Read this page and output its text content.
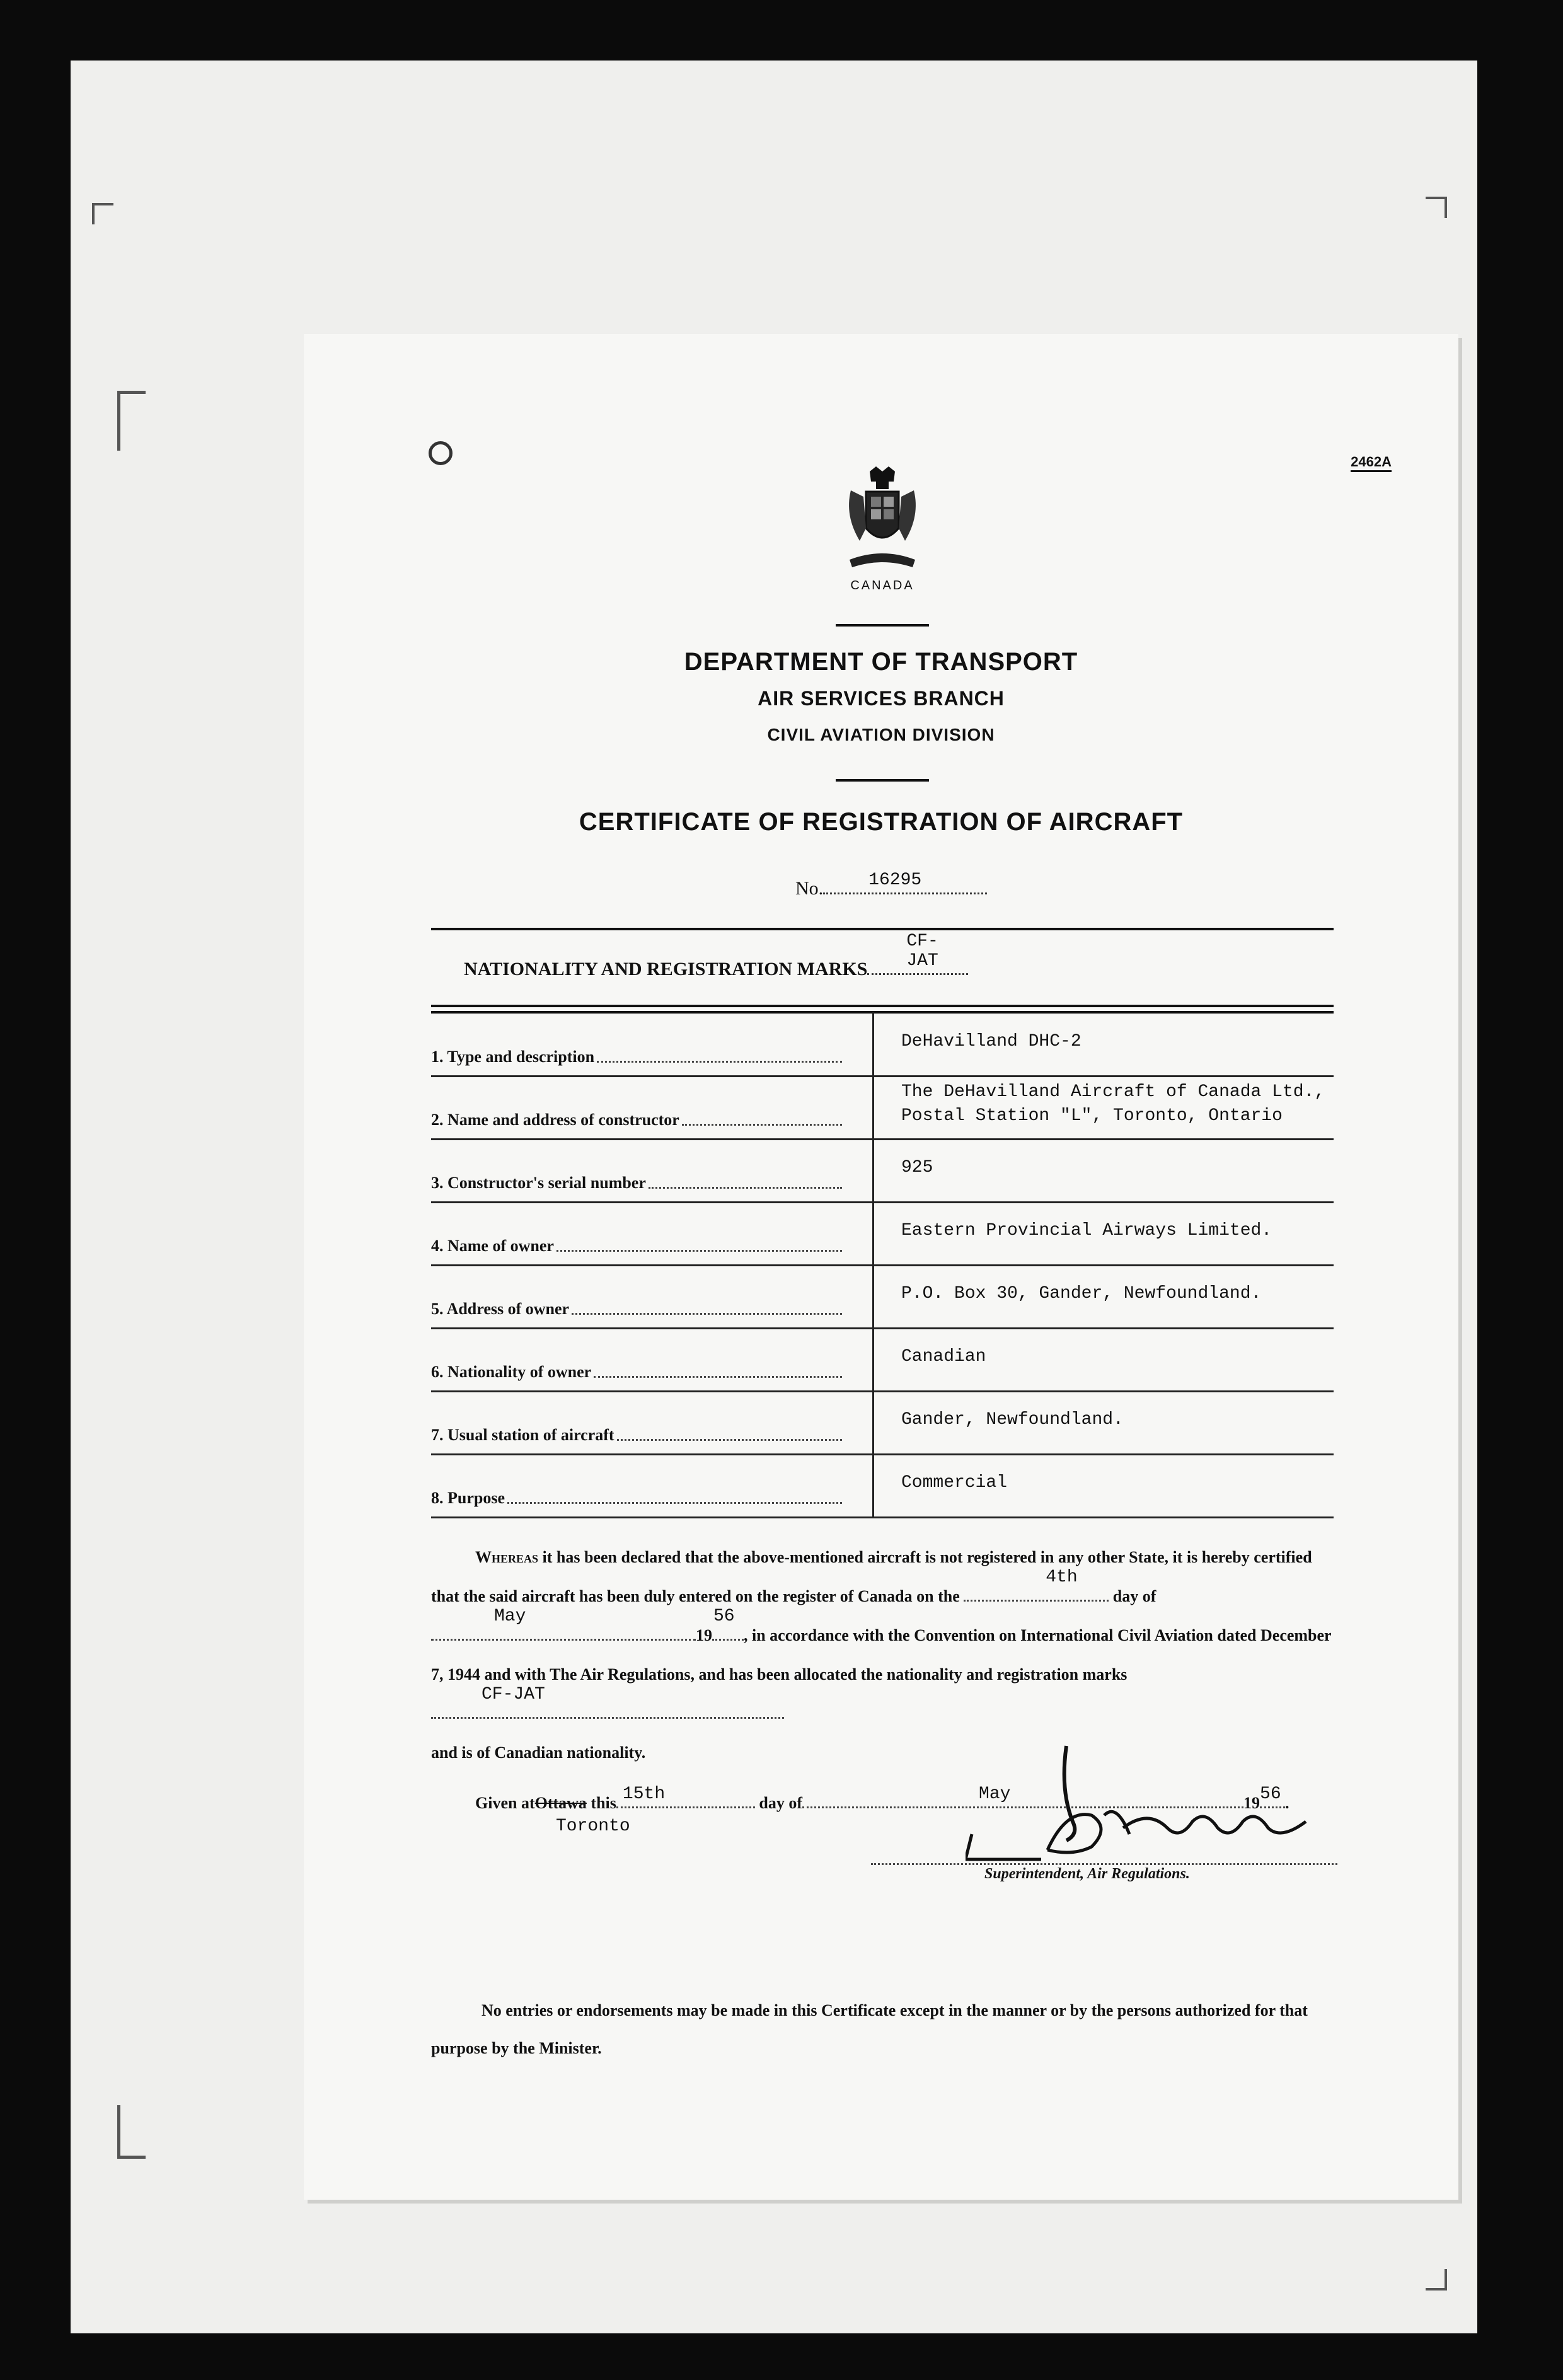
2462A
CANADA
DEPARTMENT OF TRANSPORT
AIR SERVICES BRANCH
CIVIL AVIATION DIVISION
CERTIFICATE OF REGISTRATION OF AIRCRAFT
No.	16295
NATIONALITY AND REGISTRATION MARKS
CF-JAT
1. Type and description
DeHavilland DHC-2
2. Name and address of constructor
The DeHavilland Aircraft of Canada Ltd., Postal Station "L", Toronto, Ontario
3. Constructor's serial number
925
4. Name of owner
Eastern Provincial Airways Limited.
5. Address of owner
P.O. Box 30, Gander, Newfoundland.
6. Nationality of owner
Canadian
7. Usual station of aircraft
Gander, Newfoundland.
8. Purpose
Commercial
Whereas it has been declared that the above-mentioned aircraft is not registered in any other State, it is hereby certified that the said aircraft has been duly entered on the register of Canada on the
4th
day of
May
19
56
, in accordance with the Convention on International Civil Aviation dated December 7, 1944 and with The Air Regulations, and has been allocated the nationality and registration marks
CF-JAT

and is of Canadian nationality.
Given atOttawa this 15th	day of	May	19 56 .
Toronto
Superintendent, Air Regulations.
No entries or endorsements may be made in this Certificate except in the manner or by the persons authorized for that purpose by the Minister.
